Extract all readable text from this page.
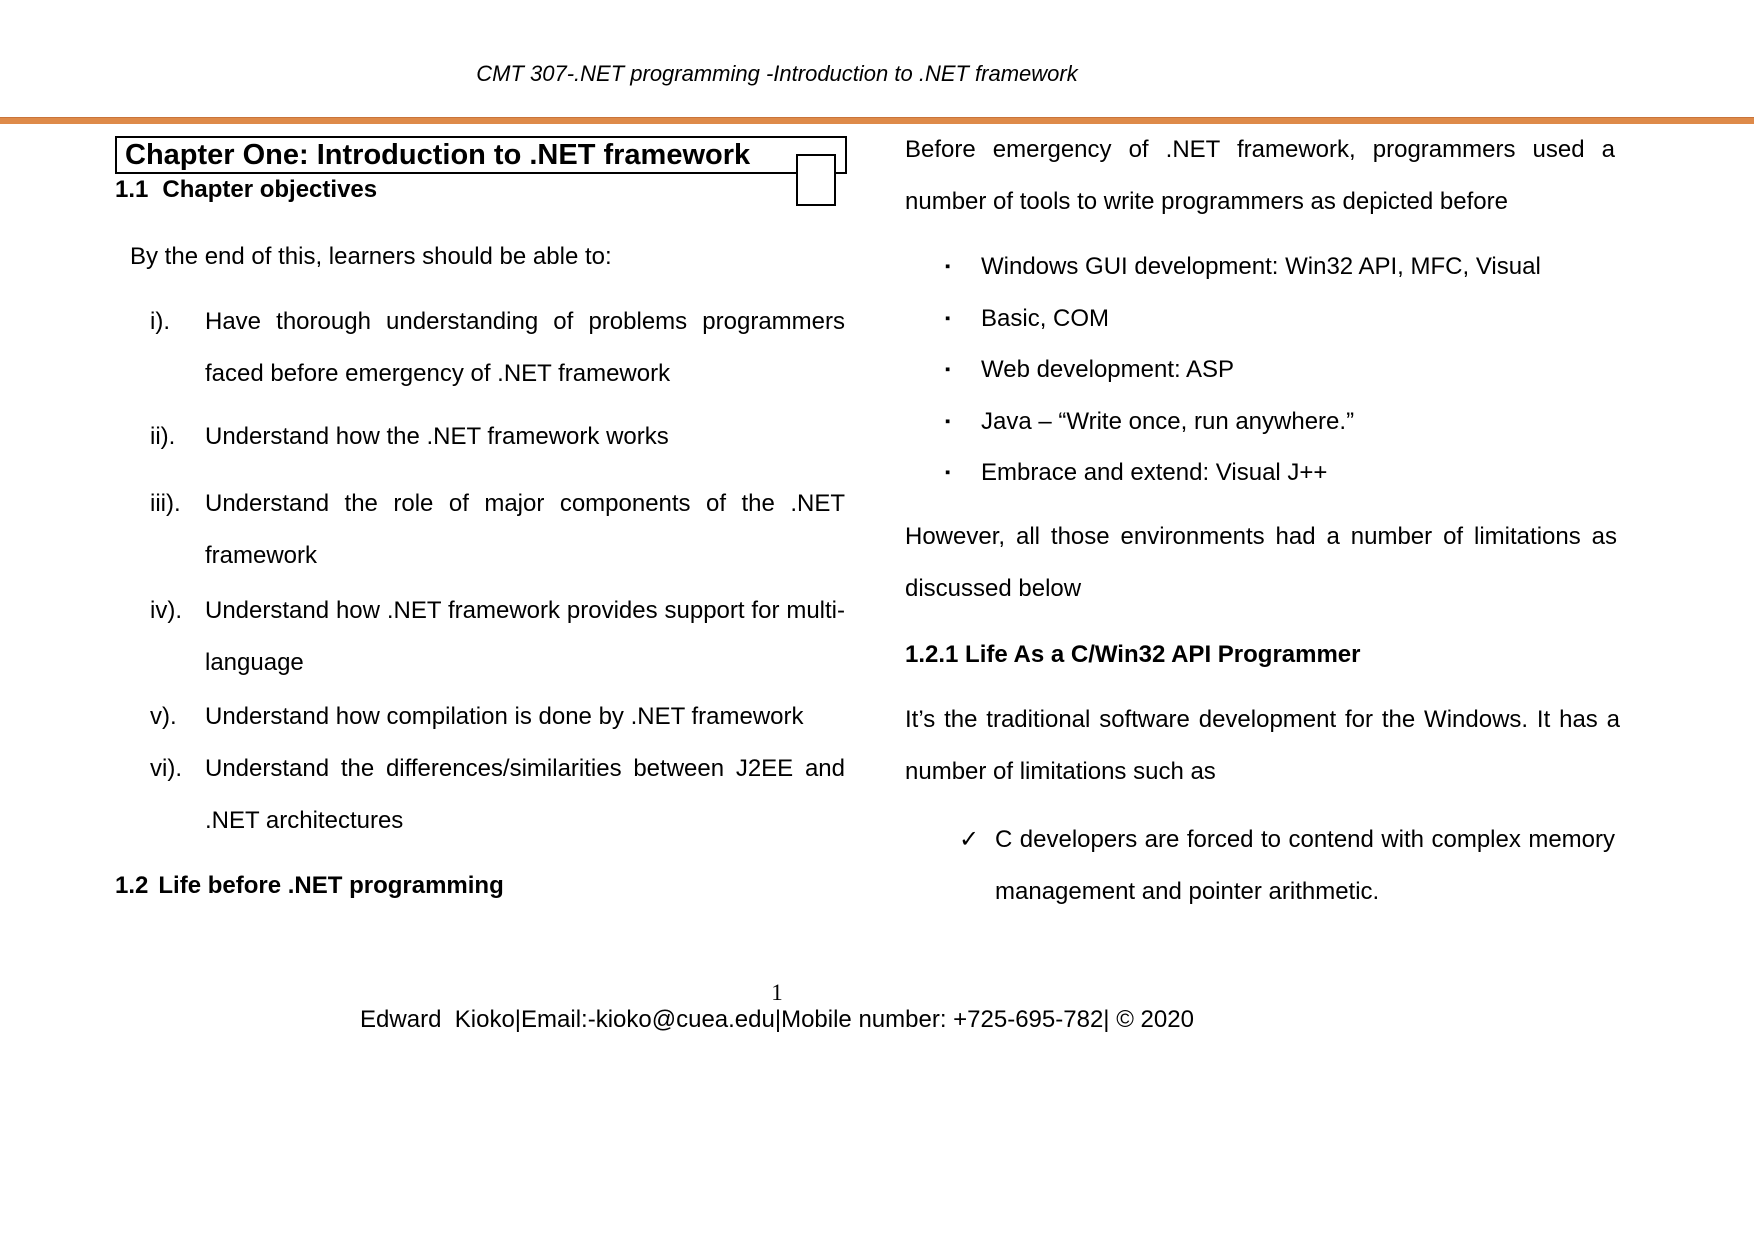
CMT 307-.NET programming -Introduction to .NET framework
Chapter One: Introduction to .NET framework
1.1 Chapter objectives
By the end of this, learners should be able to:
i).	Have thorough understanding of problems programmers faced before emergency of .NET framework
ii).	Understand how the .NET framework works
iii).	Understand the role of major components of the .NET framework
iv). Understand how .NET framework provides support for multi-language
v).	Understand how compilation is done by .NET framework
vi). Understand the differences/similarities between J2EE and .NET architectures
1.2 Life before .NET programming
Before emergency of .NET framework, programmers used a number of tools to write programmers as depicted before
▪	Windows GUI development: Win32 API, MFC, Visual
▪	Basic, COM
▪	Web development: ASP
▪	Java – “Write once, run anywhere.”
▪	Embrace and extend: Visual J++
However, all those environments had a number of limitations as discussed below
1.2.1 Life As a C/Win32 API Programmer
It’s the traditional software development for the Windows. It has a number of limitations such as
✓ C developers are forced to contend with complex memory management and pointer arithmetic.
1
Edward  Kioko|Email:-kioko@cuea.edu|Mobile number: +725-695-782| © 2020
